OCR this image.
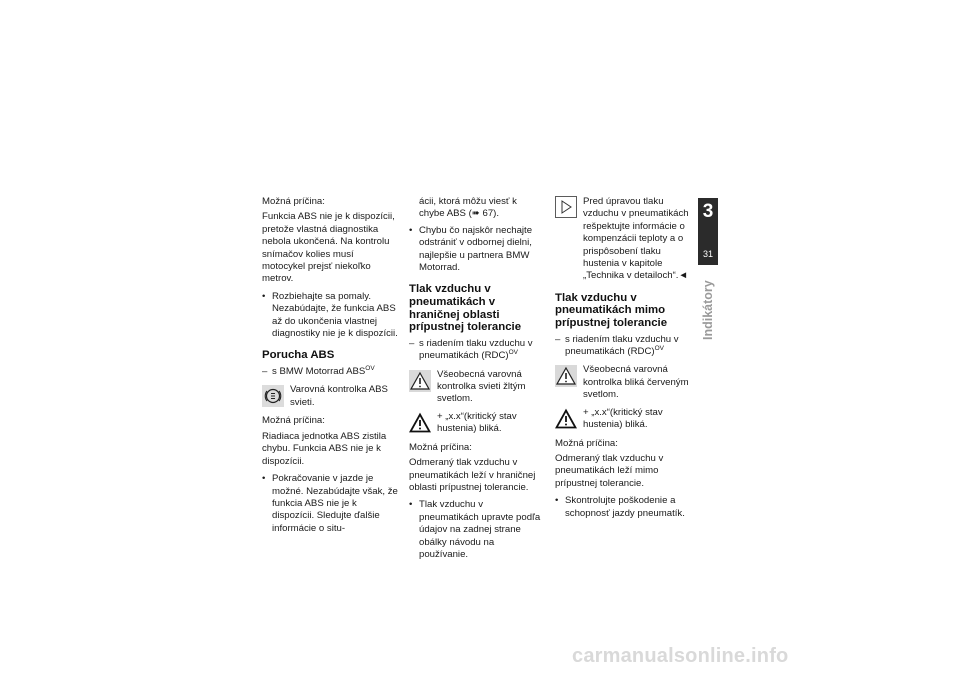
Možná príčina:

Funkcia ABS nie je k dispozícii, pretože vlastná diagnostika nebola ukončená. Na kontrolu snímačov kolies musí motocykel prejsť niekoľko metrov.

• Rozbiehajte sa pomaly. Nezabúdajte, že funkcia ABS až do ukončenia vlastnej diagnostiky nie je k dispozícii.

Porucha ABS

– s BMW Motorrad $ABS^{OV}$

Varovná kontrolka ABS svieti.

Možná príčina:

Riadiaca jednotka ABS zistila chybu. Funkcia ABS nie je k dispozícii.

• Pokračovanie v jazde je možné. Nezabúdajte však, že funkcia ABS nie je k dispozícii. Sledujte ďalšie informácie o situ-

ácii, ktorá môžu viesť k chybe ABS (➠ 67).

• Chybu čo najskôr nechajte odstrániť v odbornej dielni, najlepšie u partnera BMW Motorrad.

Tlak vzduchu v pneumatikách v hraničnej oblasti prípustnej tolerancie

– s riadením tlaku vzduchu v pneumatikách (RDC)$^{OV}$

Všeobecná varovná kontrolka svieti žltým svetlom.
+ „x.x“(kritický stav hustenia) bliká.

Možná príčina:

Odmeraný tlak vzduchu v pneumatikách leží v hraničnej oblasti prípustnej tolerancie.

• Tlak vzduchu v pneumatikách upravte podľa údajov na zadnej strane obálky návodu na používanie.

Pred úpravou tlaku vzduchu v pneumatikách rešpektujte informácie o kompenzácii teploty a o prispôsobení tlaku hustenia v kapitole „Technika v detailoch“.◄
Tlak vzduchu v pneumatikách mimo prípustnej tolerancie

– s riadením tlaku vzduchu v pneumatikách (RDC)$^{OV}$

Všeobecná varovná kontrolka bliká červeným svetlom.
+ „x.x“(kritický stav hustenia) bliká.

Možná príčina:

Odmeraný tlak vzduchu v pneumatikách leží mimo prípustnej tolerancie.

• Skontrolujte poškodenie a schopnosť jazdy pneumatík.

3
31
Indikátory
carmanualsonline.info
